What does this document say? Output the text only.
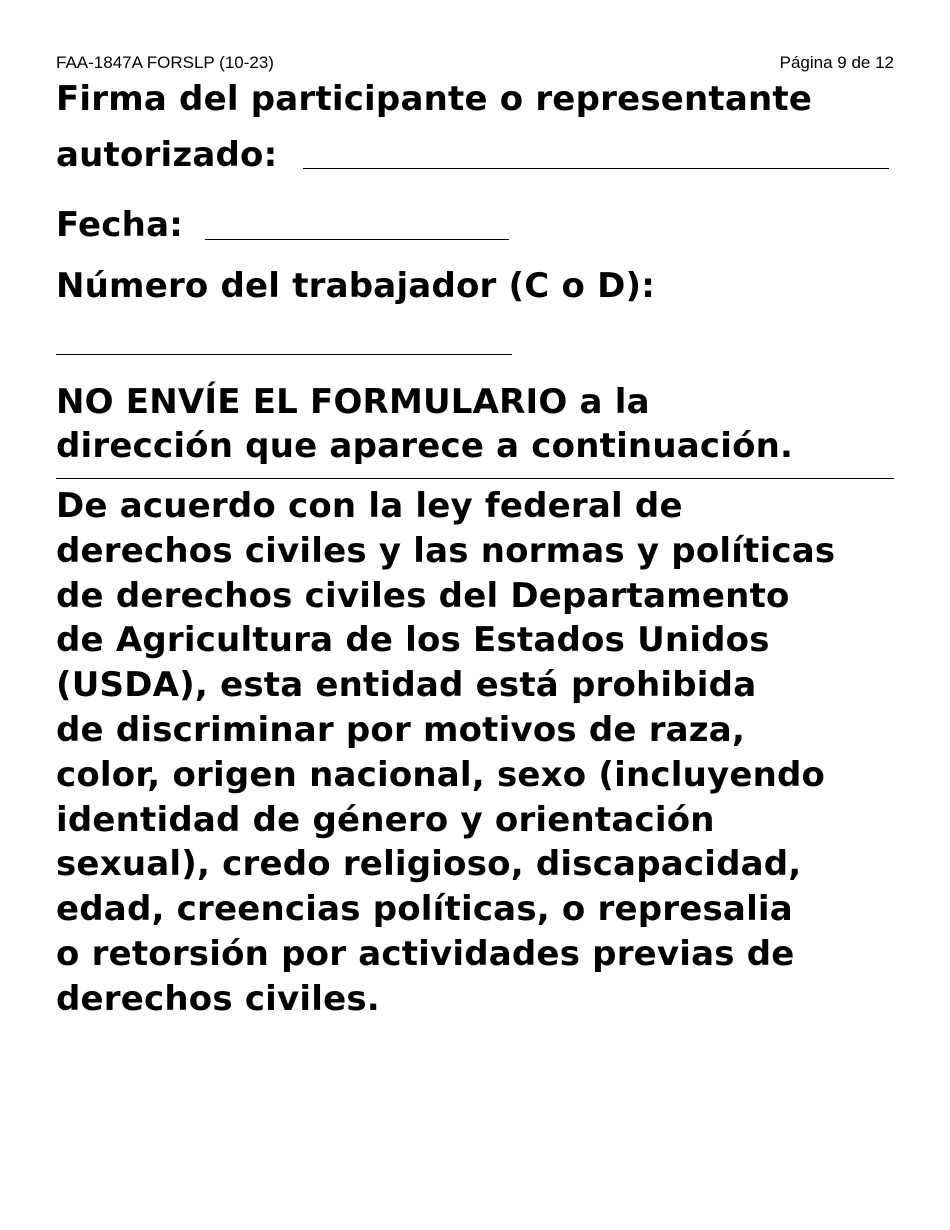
FAA-1847A FORSLP (10-23)	Página 9 de 12
Firma del participante o representante
autorizado:
Fecha:
Número del trabajador (C o D):
NO ENVÍE EL FORMULARIO a la
dirección que aparece a continuación.
De acuerdo con la ley federal de
derechos civiles y las normas y políticas
de derechos civiles del Departamento
de Agricultura de los Estados Unidos
(USDA), esta entidad está prohibida
de discriminar por motivos de raza,
color, origen nacional, sexo (incluyendo
identidad de género y orientación
sexual), credo religioso, discapacidad,
edad, creencias políticas, o represalia
o retorsión por actividades previas de
derechos civiles.
